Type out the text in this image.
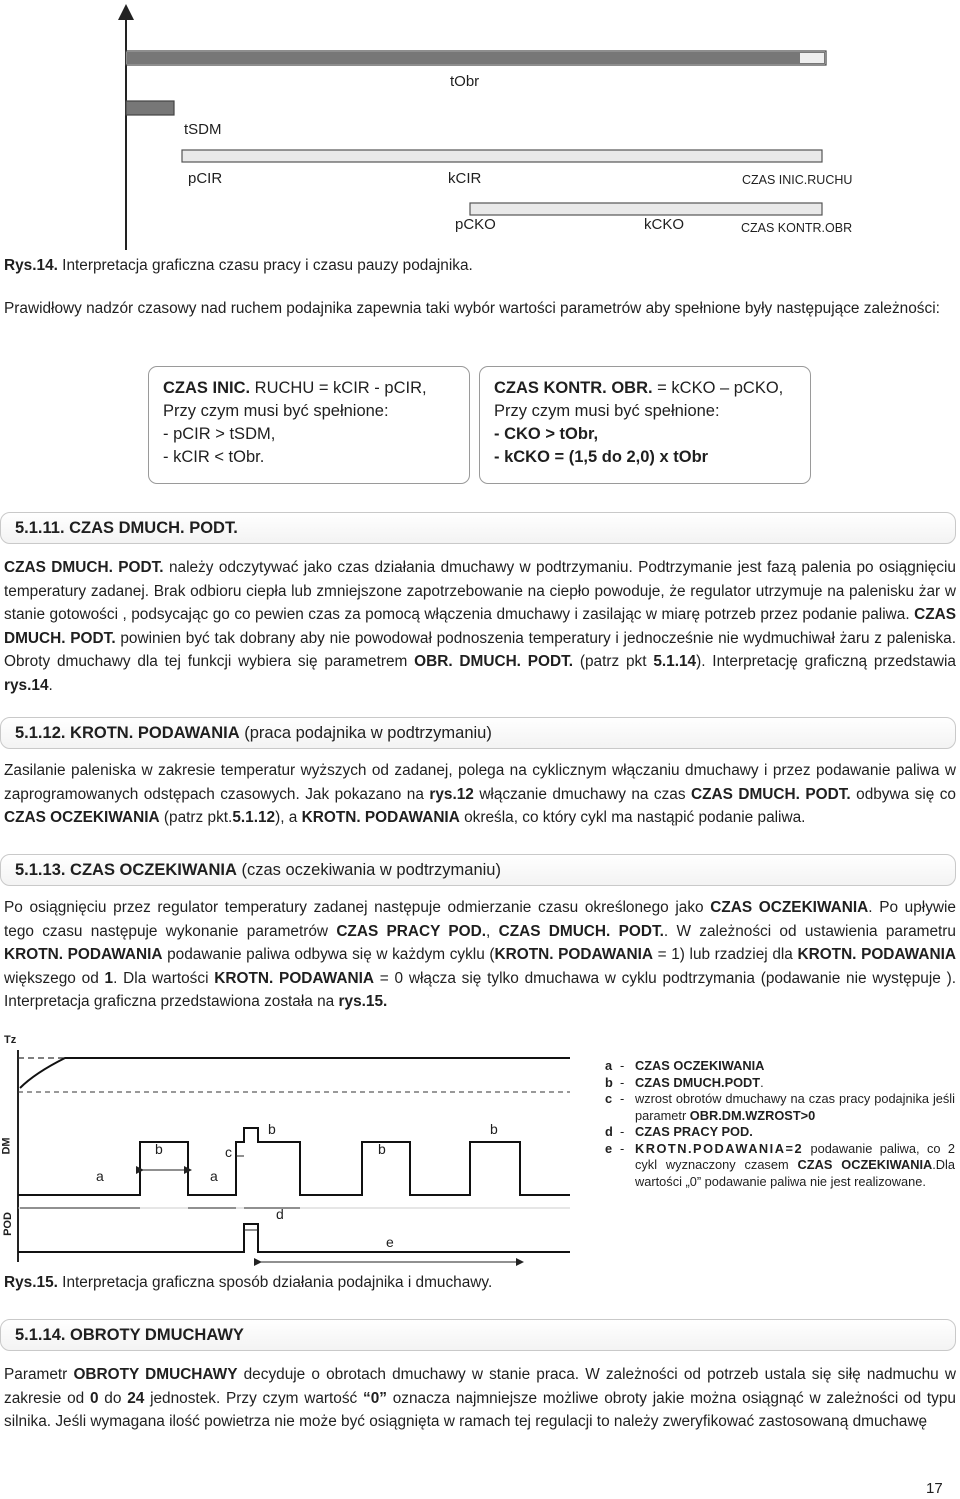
tObr
tSDM
pCIR	kCIR	CZAS INIC.RUCHU
pCKO	kCKO	CZAS KONTR.OBR
Rys.14. Interpretacja graficzna czasu pracy i czasu pauzy podajnika.
Prawidłowy nadzór czasowy nad ruchem podajnika zapewnia taki wybór wartości parametrów aby spełnione były następujące zależności:
CZAS INIC. RUCHU = kCIR - pCIR,
Przy czym musi być spełnione:
- pCIR > tSDM,
- kCIR < tObr.
CZAS KONTR. OBR. = kCKO – pCKO,
Przy czym musi być spełnione:
- CKO > tObr,
- kCKO = (1,5 do 2,0) x tObr
5.1.11. CZAS DMUCH. PODT.
CZAS DMUCH. PODT. należy odczytywać jako czas działania dmuchawy w podtrzymaniu. Podtrzymanie jest fazą palenia po osiągnięciu temperatury zadanej. Brak odbioru ciepła lub zmniejszone zapotrzebowanie na ciepło powoduje, że regulator utrzymuje na palenisku żar w stanie gotowości , podsycając go co pewien czas za pomocą włączenia dmuchawy i zasilając w miarę potrzeb przez podanie paliwa. CZAS DMUCH. PODT. powinien być tak dobrany aby nie powodował podnoszenia temperatury i jednocześnie nie wydmuchiwał żaru z paleniska. Obroty dmuchawy dla tej funkcji wybiera się parametrem OBR. DMUCH. PODT. (patrz pkt 5.1.14). Interpretację graficzną przedstawia rys.14.
5.1.12. KROTN. PODAWANIA (praca podajnika w podtrzymaniu)
Zasilanie paleniska w zakresie temperatur wyższych od zadanej, polega na cyklicznym włączaniu dmuchawy i przez podawanie paliwa w zaprogramowanych odstępach czasowych. Jak pokazano na rys.12 włączanie dmuchawy na czas CZAS DMUCH. PODT. odbywa się co CZAS OCZEKIWANIA (patrz pkt.5.1.12), a KROTN. PODAWANIA określa, co który cykl ma nastąpić podanie paliwa.
5.1.13. CZAS OCZEKIWANIA (czas oczekiwania w podtrzymaniu)
Po osiągnięciu przez regulator temperatury zadanej następuje odmierzanie czasu określonego jako CZAS OCZEKIWANIA. Po upływie tego czasu następuje wykonanie parametrów CZAS PRACY POD., CZAS DMUCH. PODT.. W zależności od ustawienia parametru KROTN. PODAWANIA podawanie paliwa odbywa się w każdym cyklu (KROTN. PODAWANIA = 1) lub rzadziej dla KROTN. PODAWANIA większego od 1. Dla wartości KROTN. PODAWANIA = 0 włącza się tylko dmuchawa w cyklu podtrzymania (podawanie nie występuje ). Interpretacja graficzna przedstawiona została na rys.15.
Tz
DM
POD
b	c
b
b
b
a	a
d
e
a - CZAS OCZEKIWANIA
b - CZAS DMUCH.PODT.
c - wzrost obrotów dmuchawy na czas pracy podajnika jeśli parametr OBR.DM.WZROST>0
d - CZAS PRACY POD.
e - KROTN.PODAWANIA=2 podawanie paliwa, co 2 cykl wyznaczony czasem CZAS OCZEKIWANIA.Dla wartości „0” podawanie paliwa nie jest realizowane.
Rys.15. Interpretacja graficzna sposób działania podajnika i dmuchawy.
5.1.14. OBROTY DMUCHAWY
Parametr OBROTY DMUCHAWY decyduje o obrotach dmuchawy w stanie praca. W zależności od potrzeb ustala się siłę nadmuchu w zakresie od 0 do 24 jednostek. Przy czym wartość “0” oznacza najmniejsze możliwe obroty jakie można osiągnąć w zależności od typu silnika. Jeśli wymagana ilość powietrza nie może być osiągnięta w ramach tej regulacji to należy zweryfikować zastosowaną dmuchawę
17
